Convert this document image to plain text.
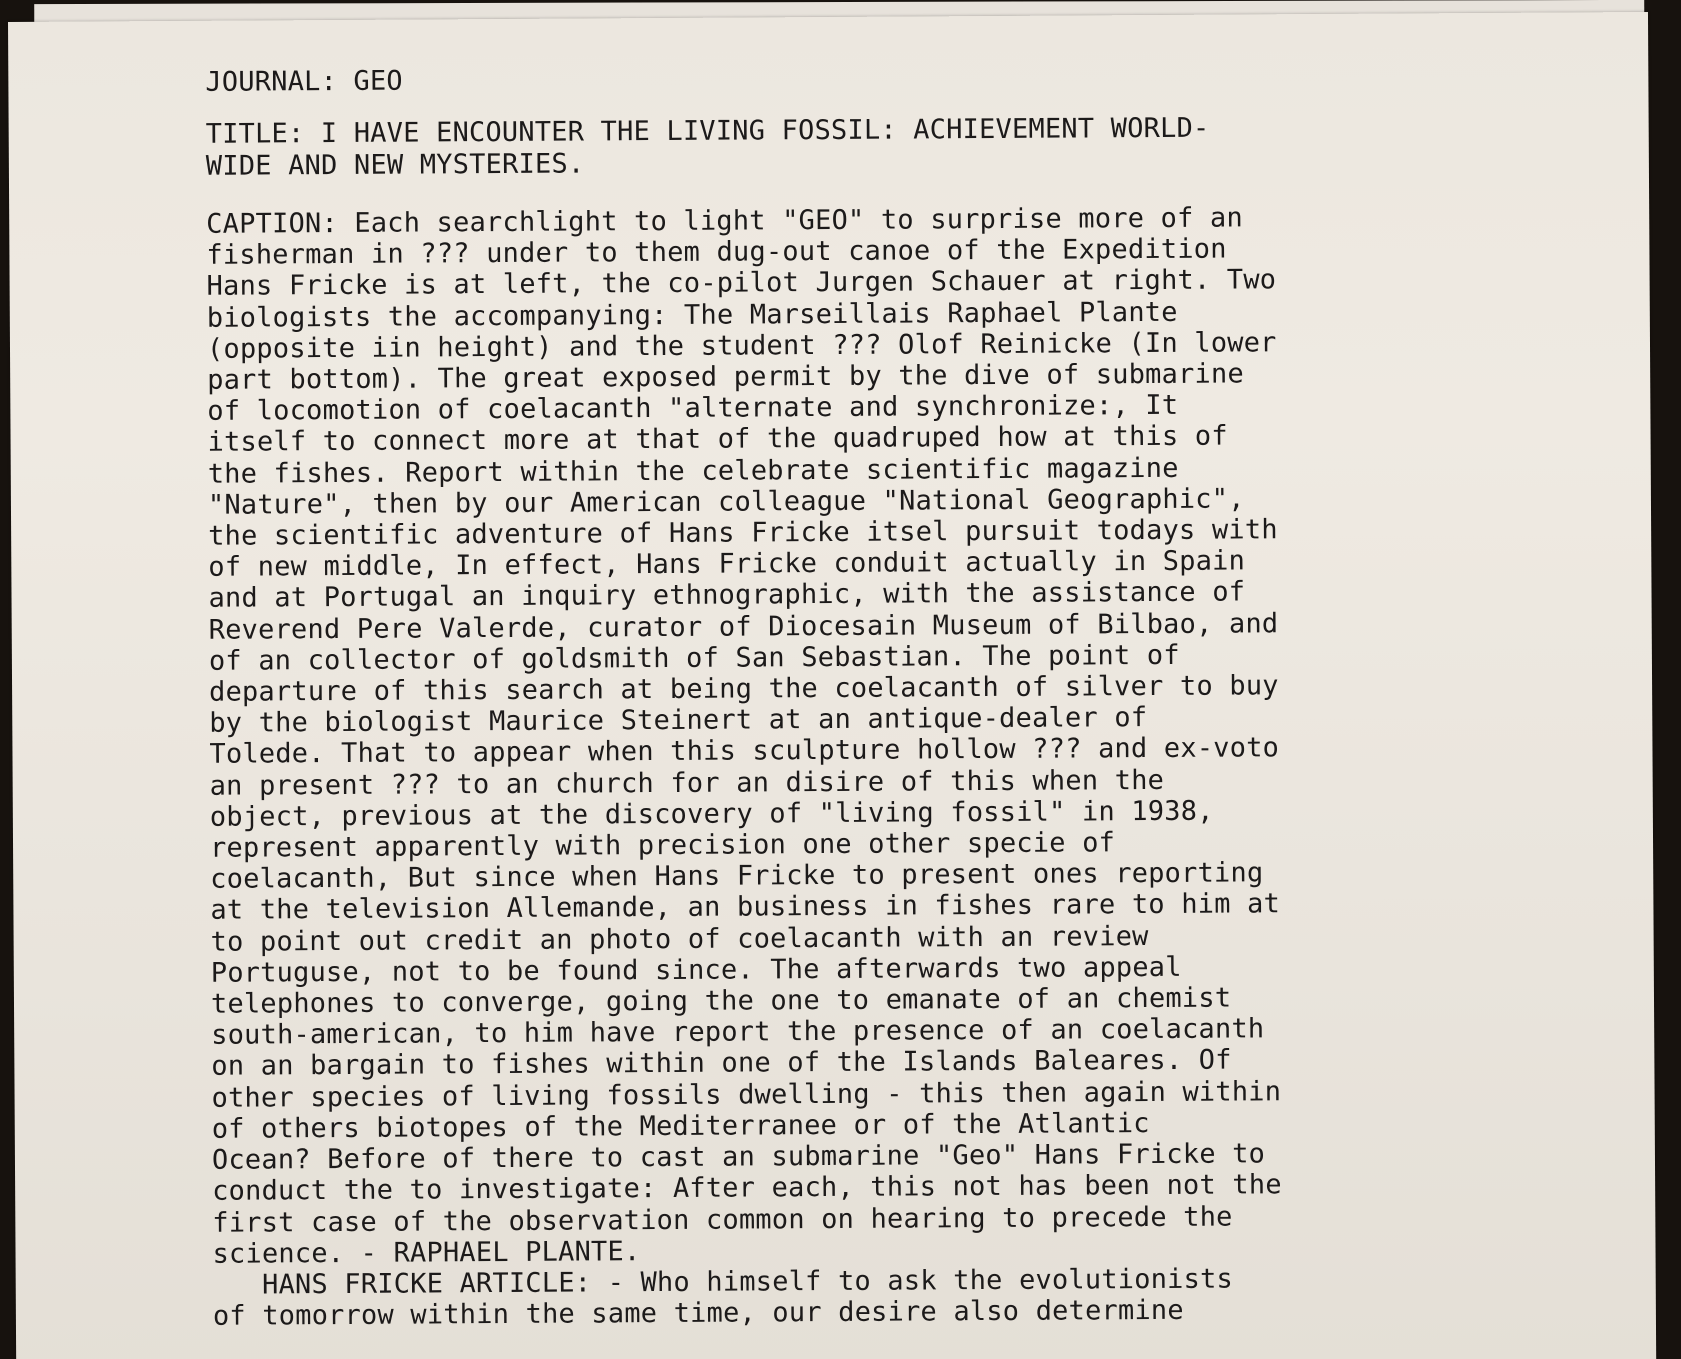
JOURNAL: GEO
TITLE: I HAVE ENCOUNTER THE LIVING FOSSIL: ACHIEVEMENT WORLD-
WIDE AND NEW MYSTERIES.
CAPTION: Each searchlight to light "GEO" to surprise more of an
fisherman in ??? under to them dug-out canoe of the Expedition
Hans Fricke is at left, the co-pilot Jurgen Schauer at right. Two
biologists the accompanying: The Marseillais Raphael Plante
(opposite iin height) and the student ??? Olof Reinicke (In lower
part bottom). The great exposed permit by the dive of submarine
of locomotion of coelacanth "alternate and synchronize:, It
itself to connect more at that of the quadruped how at this of
the fishes. Report within the celebrate scientific magazine
"Nature", then by our American colleague "National Geographic",
the scientific adventure of Hans Fricke itsel pursuit todays with
of new middle, In effect, Hans Fricke conduit actually in Spain
and at Portugal an inquiry ethnographic, with the assistance of
Reverend Pere Valerde, curator of Diocesain Museum of Bilbao, and
of an collector of goldsmith of San Sebastian. The point of
departure of this search at being the coelacanth of silver to buy
by the biologist Maurice Steinert at an antique-dealer of
Tolede. That to appear when this sculpture hollow ??? and ex-voto
an present ??? to an church for an disire of this when the
object, previous at the discovery of "living fossil" in 1938,
represent apparently with precision one other specie of
coelacanth, But since when Hans Fricke to present ones reporting
at the television Allemande, an business in fishes rare to him at
to point out credit an photo of coelacanth with an review
Portuguse, not to be found since. The afterwards two appeal
telephones to converge, going the one to emanate of an chemist
south-american, to him have report the presence of an coelacanth
on an bargain to fishes within one of the Islands Baleares. Of
other species of living fossils dwelling - this then again within
of others biotopes of the Mediterranee or of the Atlantic
Ocean? Before of there to cast an submarine "Geo" Hans Fricke to
conduct the to investigate: After each, this not has been not the
first case of the observation common on hearing to precede the
science. - RAPHAEL PLANTE.
HANS FRICKE ARTICLE: - Who himself to ask the evolutionists
of tomorrow within the same time, our desire also determine
